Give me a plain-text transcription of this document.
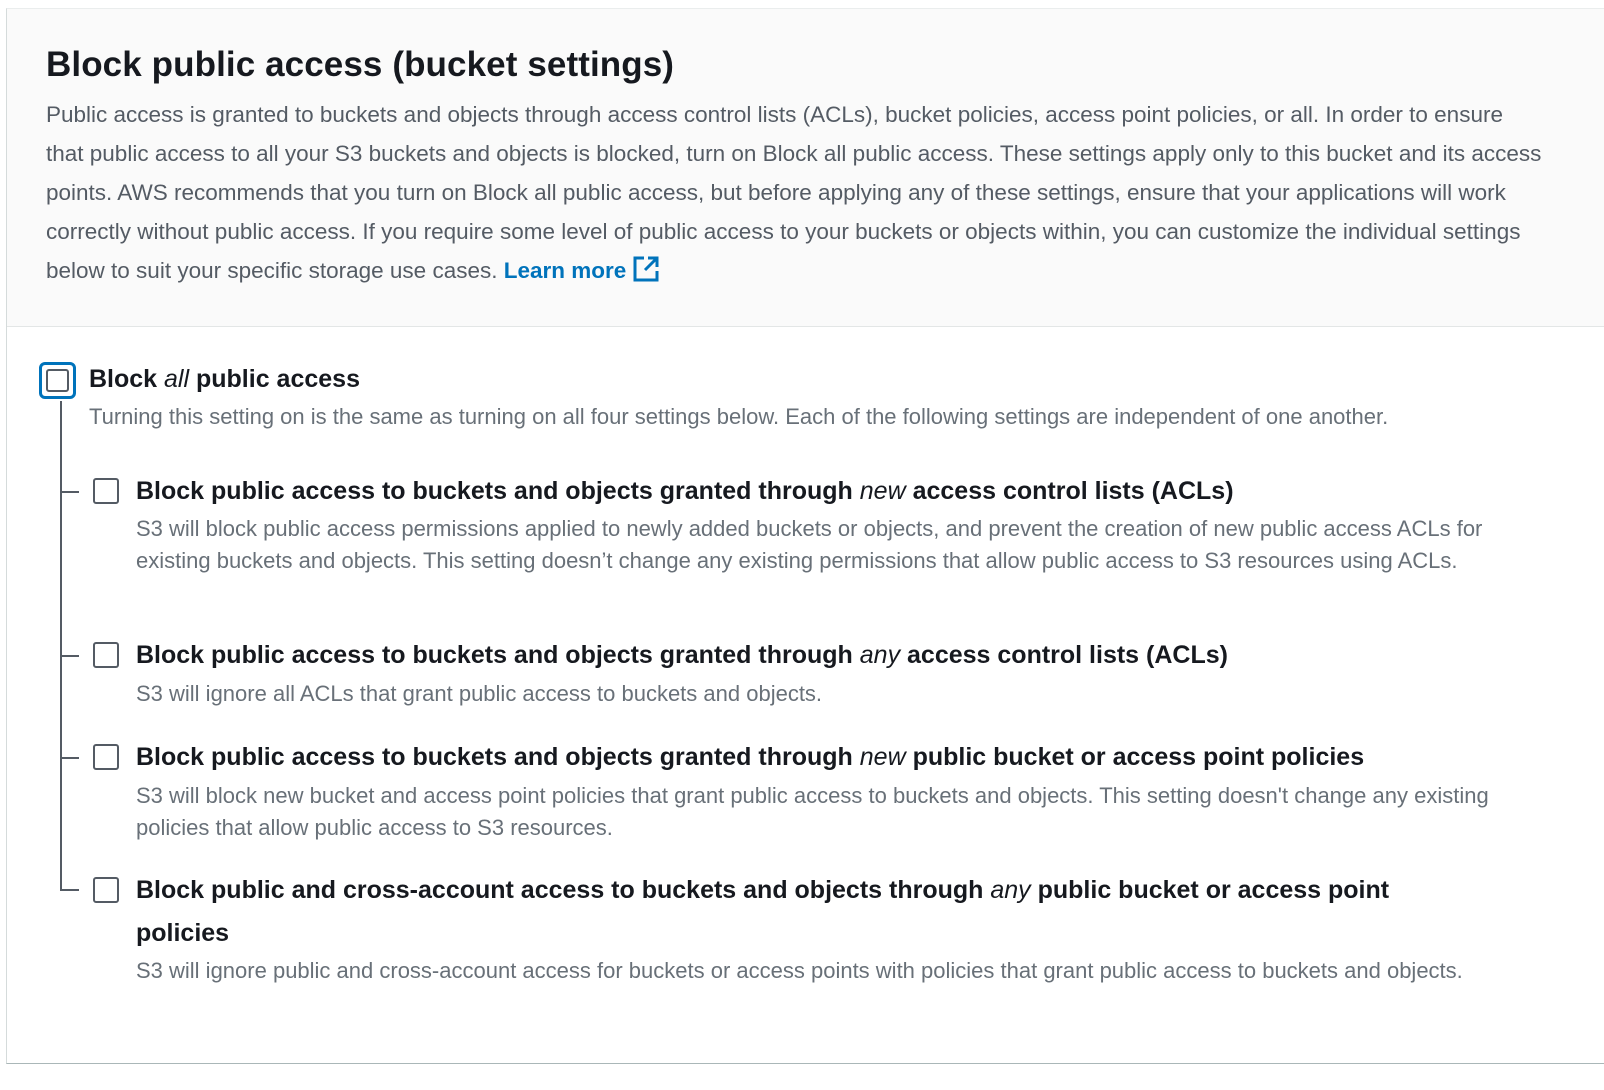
Block public access (bucket settings)

Public access is granted to buckets and objects through access control lists (ACLs), bucket policies, access point policies, or all. In order to ensure that public access to all your S3 buckets and objects is blocked, turn on Block all public access. These settings apply only to this bucket and its access points. AWS recommends that you turn on Block all public access, but before applying any of these settings, ensure that your applications will work correctly without public access. If you require some level of public access to your buckets or objects within, you can customize the individual settings below to suit your specific storage use cases. Learn more

Block all public access

Turning this setting on is the same as turning on all four settings below. Each of the following settings are independent of one another.

Block public access to buckets and objects granted through new access control lists (ACLs)

S3 will block public access permissions applied to newly added buckets or objects, and prevent the creation of new public access ACLs for existing buckets and objects. This setting doesn’t change any existing permissions that allow public access to S3 resources using ACLs.

Block public access to buckets and objects granted through any access control lists (ACLs)

S3 will ignore all ACLs that grant public access to buckets and objects.

Block public access to buckets and objects granted through new public bucket or access point policies

S3 will block new bucket and access point policies that grant public access to buckets and objects. This setting doesn't change any existing policies that allow public access to S3 resources.

Block public and cross-account access to buckets and objects through any public bucket or access point policies

S3 will ignore public and cross-account access for buckets or access points with policies that grant public access to buckets and objects.
